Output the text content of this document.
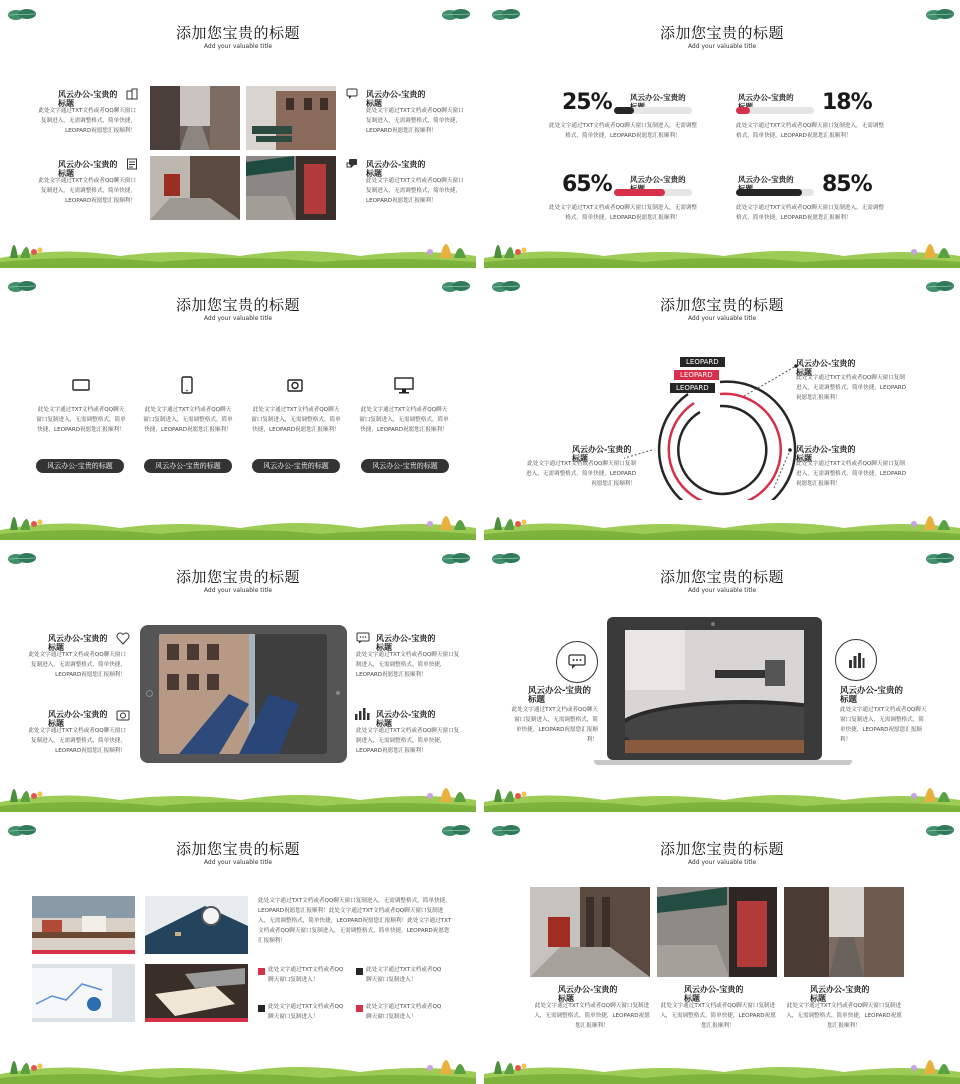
添加您宝贵的标题
Add your valuable title
风云办公-宝贵的标题
此处文字通过TXT文档或者QQ聊天窗口复制进入，无需调整格式，简单快捷，LEOPARD祝愿您汇报顺利！
风云办公-宝贵的标题
此处文字通过TXT文档或者QQ聊天窗口复制进入，无需调整格式，简单快捷，LEOPARD祝愿您汇报顺利！
风云办公-宝贵的标题
此处文字通过TXT文档或者QQ聊天窗口复制进入，无需调整格式，简单快捷，LEOPARD祝愿您汇报顺利！
风云办公-宝贵的标题
此处文字通过TXT文档或者QQ聊天窗口复制进入，无需调整格式，简单快捷，LEOPARD祝愿您汇报顺利！
添加您宝贵的标题
Add your valuable title
25% 风云办公-宝贵的
此处文字通过TXT文档或者QQ聊天窗口复制进入，无需调整格式，简单快捷，LEOPARD祝愿您汇报顺利！
风云办公-宝贵的 18%
此处文字通过TXT文档或者QQ聊天窗口复制进入，无需调整格式，简单快捷，LEOPARD祝愿您汇报顺利！
65% 风云办公-宝贵的
此处文字通过TXT文档或者QQ聊天窗口复制进入，无需调整格式，简单快捷，LEOPARD祝愿您汇报顺利！
风云办公-宝贵的 85%
此处文字通过TXT文档或者QQ聊天窗口复制进入，无需调整格式，简单快捷，LEOPARD祝愿您汇报顺利！
添加您宝贵的标题
Add your valuable title
此处文字通过TXT文档或者QQ聊天窗口复制进入，无需调整格式，简单快捷，LEOPARD祝愿您汇报顺利！
此处文字通过TXT文档或者QQ聊天窗口复制进入，无需调整格式，简单快捷，LEOPARD祝愿您汇报顺利！
此处文字通过TXT文档或者QQ聊天窗口复制进入，无需调整格式，简单快捷，LEOPARD祝愿您汇报顺利！
此处文字通过TXT文档或者QQ聊天窗口复制进入，无需调整格式，简单快捷，LEOPARD祝愿您汇报顺利！
风云办公-宝贵的标题	风云办公-宝贵的标题	风云办公-宝贵的标题	风云办公-宝贵的标题
添加您宝贵的标题
Add your valuable title
LEOPARD
LEOPARD
LEOPARD
风云办公-宝贵的标题
此处文字通过TXT文档或者QQ聊天窗口复制进入，无需调整格式，简单快捷，LEOPARD祝愿您汇报顺利！
风云办公-宝贵的标题
此处文字通过TXT文档或者QQ聊天窗口复制进入，无需调整格式，简单快捷，LEOPARD祝愿您汇报顺利！
风云办公-宝贵的标题
此处文字通过TXT文档或者QQ聊天窗口复制进入，无需调整格式，简单快捷，LEOPARD祝愿您汇报顺利！
添加您宝贵的标题
Add your valuable title
风云办公-宝贵的标题
此处文字通过TXT文档或者QQ聊天窗口复制进入，无需调整格式，简单快捷，LEOPARD祝愿您汇报顺利！
风云办公-宝贵的标题
此处文字通过TXT文档或者QQ聊天窗口复制进入，无需调整格式，简单快捷，LEOPARD祝愿您汇报顺利！
风云办公-宝贵的标题
此处文字通过TXT文档或者QQ聊天窗口复制进入，无需调整格式，简单快捷，LEOPARD祝愿您汇报顺利！
风云办公-宝贵的标题
此处文字通过TXT文档或者QQ聊天窗口复制进入，无需调整格式，简单快捷，LEOPARD祝愿您汇报顺利！
添加您宝贵的标题
Add your valuable title
风云办公-宝贵的标题
此处文字通过TXT文档或者QQ聊天窗口复制进入，无需调整格式，简单快捷，LEOPARD祝愿您汇报顺利！
风云办公-宝贵的标题
此处文字通过TXT文档或者QQ聊天窗口复制进入，无需调整格式，简单快捷，LEOPARD祝愿您汇报顺利！
添加您宝贵的标题
Add your valuable title
此处文字通过TXT文档或者QQ聊天窗口复制进入，无需调整格式，简单快捷，LEOPARD祝愿您汇报顺利！此处文字通过TXT文档或者QQ聊天窗口复制进入，无需调整格式，简单快捷，LEOPARD祝愿您汇报顺利！此处文字通过TXT文档或者QQ聊天窗口复制进入，无需调整格式，简单快捷，LEOPARD祝愿您汇报顺利！
此处文字通过TXT文档或者QQ聊天窗口复制进入！
此处文字通过TXT文档或者QQ聊天窗口复制进入！
此处文字通过TXT文档或者QQ聊天窗口复制进入！
此处文字通过TXT文档或者QQ聊天窗口复制进入！
添加您宝贵的标题
Add your valuable title
风云办公-宝贵的标题
此处文字通过TXT文档或者QQ聊天窗口复制进入，无需调整格式，简单快捷，LEOPARD祝愿您汇报顺利！
风云办公-宝贵的标题
此处文字通过TXT文档或者QQ聊天窗口复制进入，无需调整格式，简单快捷，LEOPARD祝愿您汇报顺利！
风云办公-宝贵的标题
此处文字通过TXT文档或者QQ聊天窗口复制进入，无需调整格式，简单快捷，LEOPARD祝愿您汇报顺利！
